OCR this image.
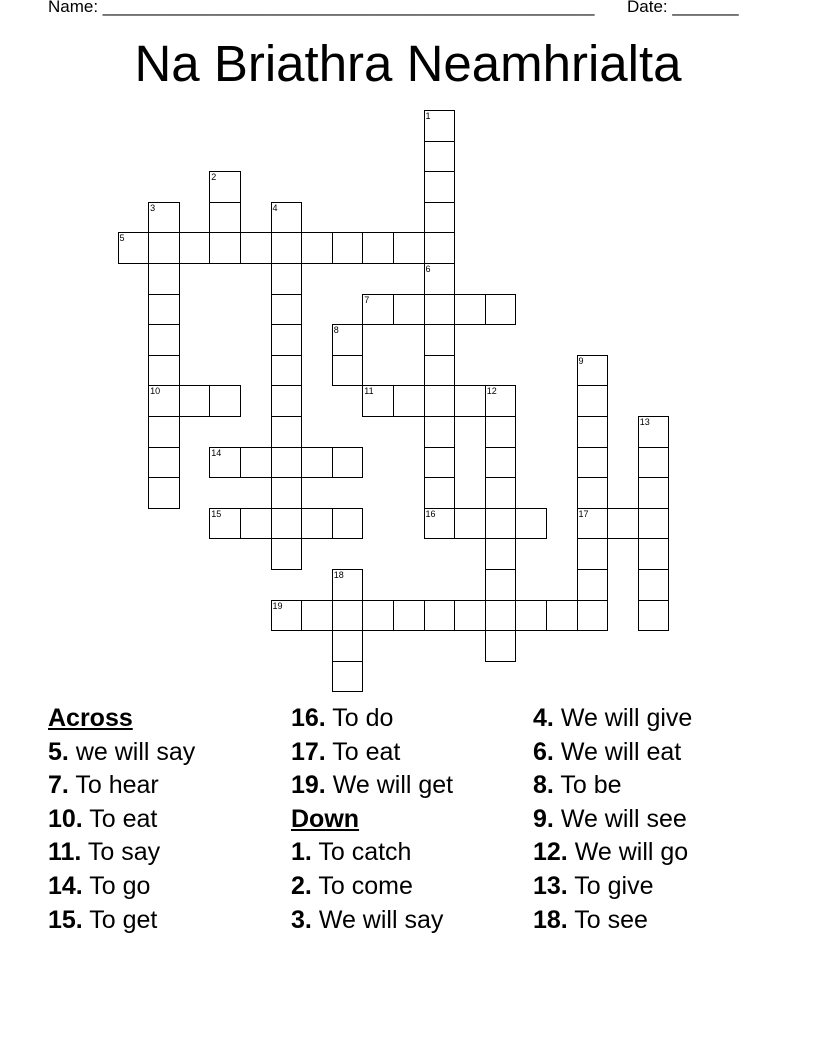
Name: ____________________________________________________ Date: _______
Na Briathra Neamhrialta
1
2
3
10
4
5
6
16
7
8
9
17
11	12
13
14
15
18
19
Across
5. we will say
7. To hear
10. To eat
11. To say
14. To go
15. To get
16. To do
17. To eat
19. We will get
Down
1. To catch
2. To come
3. We will say
4. We will give
6. We will eat
8. To be
9. We will see
12. We will go
13. To give
18. To see
